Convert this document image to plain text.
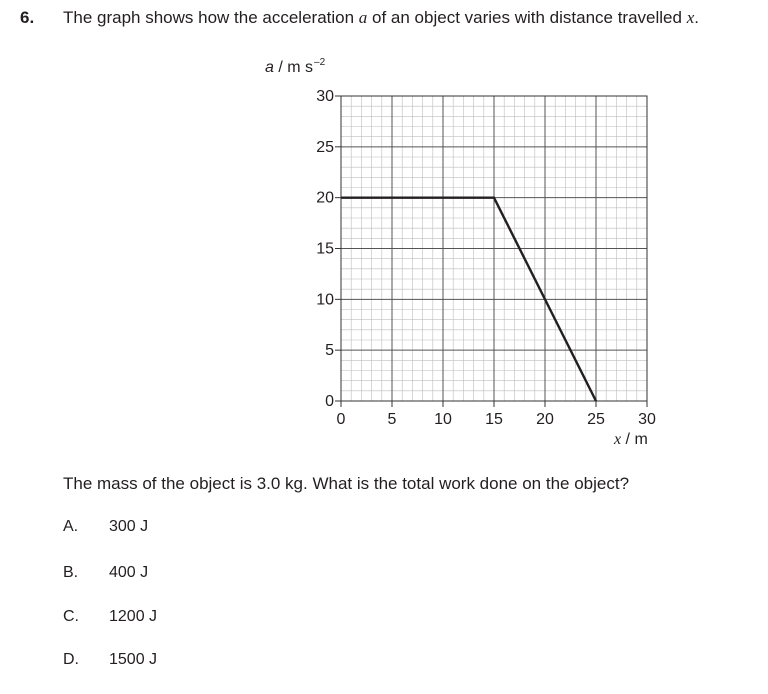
6. The graph shows how the acceleration a of an object varies with distance travelled x.
a / m $s^{-2}$
0
5
10
15
20
25
30
0	5 10 15 20 25 30
x / m
The mass of the object is 3.0 kg. What is the total work done on the object?
A. 300 J
B. 400 J
C. 1200 J
D. 1500 J
